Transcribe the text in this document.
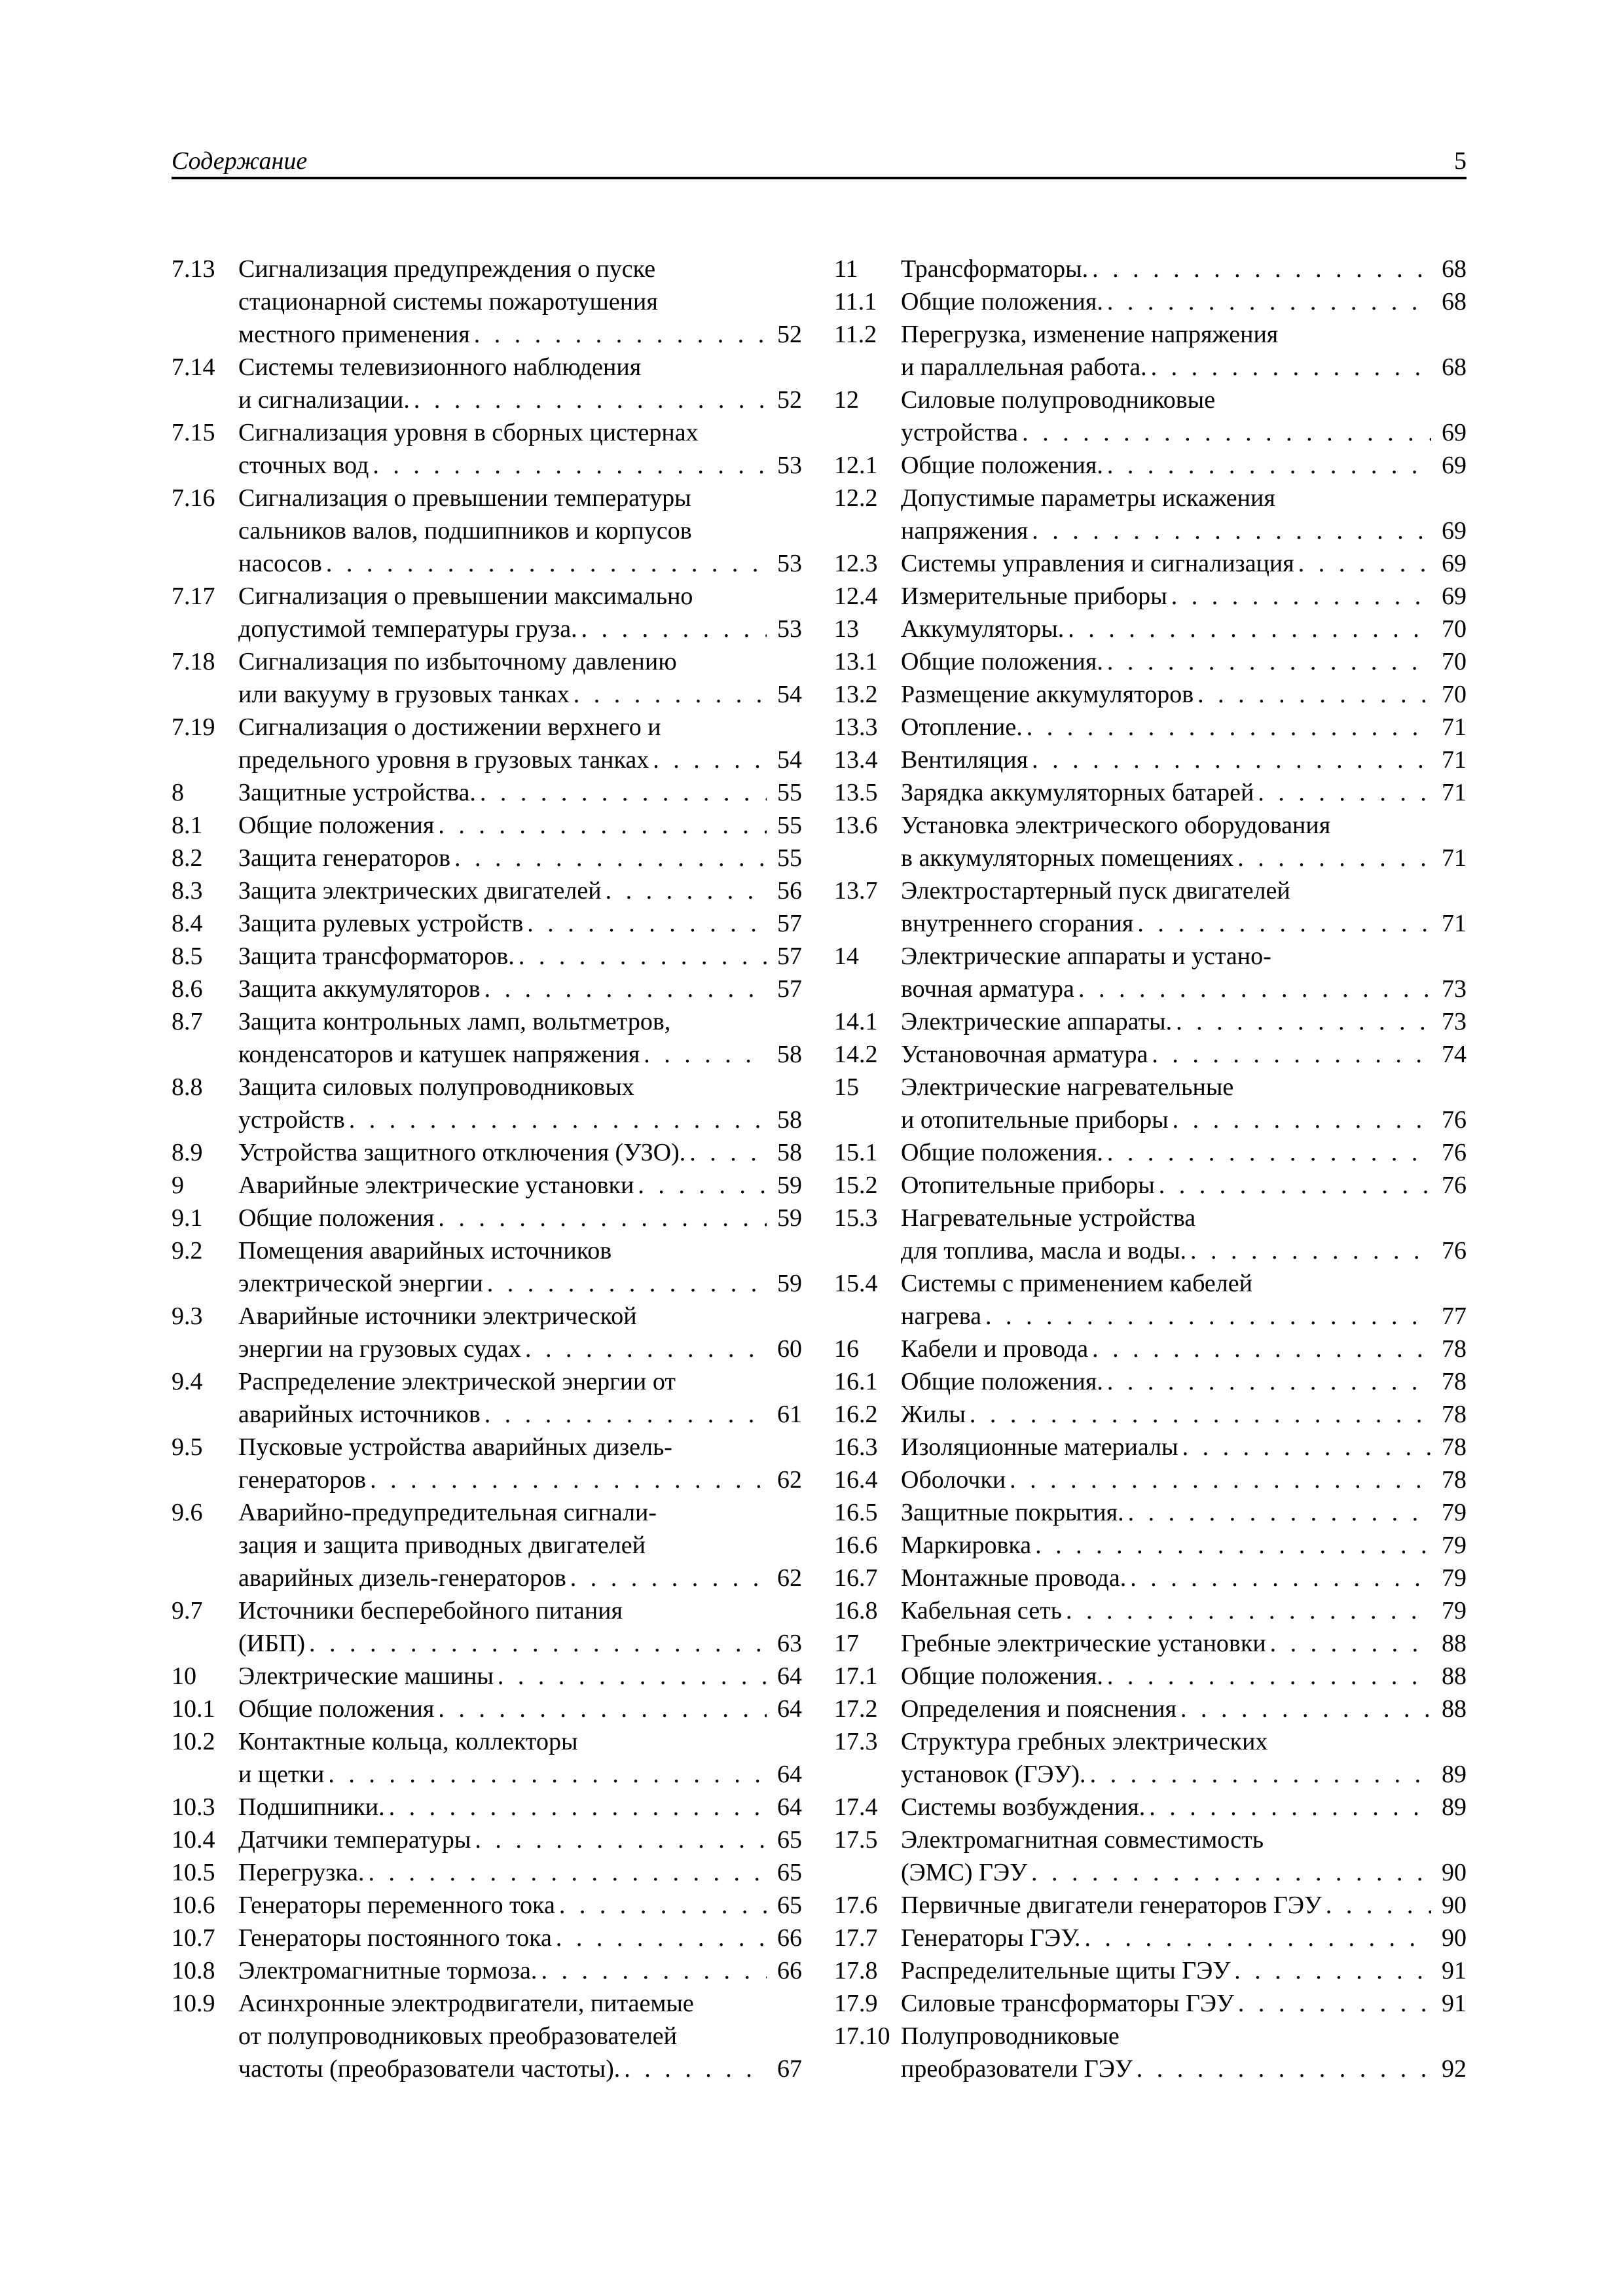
Содержание	5
7.13 Сигнализация предупреждения о пуске
стационарной системы пожаротушения
местного применения . . .	52
7.14 Системы телевизионного наблюдения
и сигнализации. . . .	52
7.15 Сигнализация уровня в сборных цистернах
сточных вод . . .	53
7.16 Сигнализация о превышении температуры
сальников валов, подшипников и корпусов
насосов . . .	53
7.17 Сигнализация о превышении максимально
допустимой температуры груза. . . .	53
7.18 Сигнализация по избыточному давлению
или вакууму в грузовых танках . . .	54
7.19 Сигнализация о достижении верхнего и
предельного уровня в грузовых танках . . .	54
8 Защитные устройства. . . .	55
8.1 Общие положения . . .	55
8.2 Защита генераторов . . .	55
8.3 Защита электрических двигателей . . .	56
8.4 Защита рулевых устройств . . .	57
8.5 Защита трансформаторов. . . .	57
8.6 Защита аккумуляторов . . .	57
8.7 Защита контрольных ламп, вольтметров,
конденсаторов и катушек напряжения . . .	58
8.8 Защита силовых полупроводниковых
устройств . . .	58
8.9 Устройства защитного отключения (УЗО). . . .	58
9 Аварийные электрические установки . . .	59
9.1 Общие положения . . .	59
9.2 Помещения аварийных источников
электрической энергии . . .	59
9.3 Аварийные источники электрической
энергии на грузовых судах . . .	60
9.4 Распределение электрической энергии от
аварийных источников . . .	61
9.5 Пусковые устройства аварийных дизель-
генераторов . . .	62
9.6 Аварийно-предупредительная сигнали-
зация и защита приводных двигателей
аварийных дизель-генераторов . . .	62
9.7 Источники бесперебойного питания
(ИБП) . . .	63
10 Электрические машины . . .	64
10.1 Общие положения . . .	64
10.2 Контактные кольца, коллекторы
и щетки . . .	64
10.3 Подшипники. . . .	64
10.4 Датчики температуры . . .	65
10.5 Перегрузка. . . .	65
10.6 Генераторы переменного тока . . .	65
10.7 Генераторы постоянного тока . . .	66
10.8 Электромагнитные тормоза. . . .	66
10.9 Асинхронные электродвигатели, питаемые
от полупроводниковых преобразователей
частоты (преобразователи частоты). . . .	67
11 Трансформаторы. . . .	68
11.1 Общие положения. . . .	68
11.2 Перегрузка, изменение напряжения
и параллельная работа. . . .	68
12 Силовые полупроводниковые
устройства . . .	69
12.1 Общие положения. . . .	69
12.2 Допустимые параметры искажения
напряжения . . .	69
12.3 Системы управления и сигнализация . . .	69
12.4 Измерительные приборы . . .	69
13 Аккумуляторы. . . .	70
13.1 Общие положения. . . .	70
13.2 Размещение аккумуляторов . . .	70
13.3 Отопление. . . .	71
13.4 Вентиляция . . .	71
13.5 Зарядка аккумуляторных батарей . . .	71
13.6 Установка электрического оборудования
в аккумуляторных помещениях . . .	71
13.7 Электростартерный пуск двигателей
внутреннего сгорания . . .	71
14 Электрические аппараты и устано-
вочная арматура . . .	73
14.1 Электрические аппараты. . . .	73
14.2 Установочная арматура . . .	74
15 Электрические нагревательные
и отопительные приборы . . .	76
15.1 Общие положения. . . .	76
15.2 Отопительные приборы . . .	76
15.3 Нагревательные устройства
для топлива, масла и воды. . . .	76
15.4 Системы с применением кабелей
нагрева . . .	77
16 Кабели и провода . . .	78
16.1 Общие положения. . . .	78
16.2 Жилы . . .	78
16.3 Изоляционные материалы . . .	78
16.4 Оболочки . . .	78
16.5 Защитные покрытия. . . .	79
16.6 Маркировка . . .	79
16.7 Монтажные провода. . . .	79
16.8 Кабельная сеть . . .	79
17 Гребные электрические установки . . .	88
17.1 Общие положения. . . .	88
17.2 Определения и пояснения . . .	88
17.3 Структура гребных электрических
установок (ГЭУ). . . .	89
17.4 Системы возбуждения. . . .	89
17.5 Электромагнитная совместимость
(ЭМС) ГЭУ . . .	90
17.6 Первичные двигатели генераторов ГЭУ . . .	90
17.7 Генераторы ГЭУ. . . .	90
17.8 Распределительные щиты ГЭУ . . .	91
17.9 Силовые трансформаторы ГЭУ . . .	91
17.10 Полупроводниковые
преобразователи ГЭУ . . .	92
